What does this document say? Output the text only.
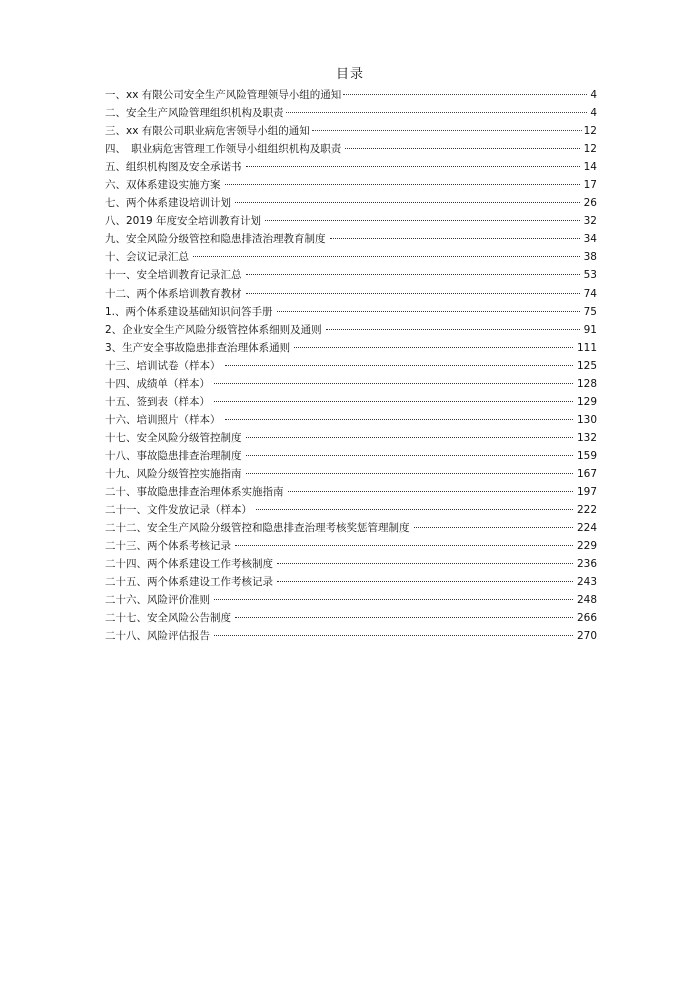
目录
一、xx 有限公司安全生产风险管理领导小组的通知	4
二、安全生产风险管理组织机构及职责	4
三、xx 有限公司职业病危害领导小组的通知	12
四、　职业病危害管理工作领导小组组织机构及职责	12
五、组织机构图及安全承诺书	14
六、双体系建设实施方案	17
七、两个体系建设培训计划	26
八、2019 年度安全培训教育计划	32
九、安全风险分级管控和隐患排渣治理教育制度	34
十、会议记录汇总	38
十一、安全培训教育记录汇总	53
十二、两个体系培训教育教材	74
1.、两个体系建设基础知识问答手册	75
2、企业安全生产风险分级管控体系细则及通则	91
3、生产安全事故隐患排查治理体系通则	111
十三、培训试卷（样本）	125
十四、成绩单（样本）	128
十五、签到表（样本）	129
十六、培训照片（样本）	130
十七、安全风险分级管控制度	132
十八、事故隐患排查治理制度	159
十九、风险分级管控实施指南	167
二十、事故隐患排查治理体系实施指南	197
二十一、文件发放记录（样本）	222
二十二、安全生产风险分级管控和隐患排查治理考核奖惩管理制度	224
二十三、两个体系考核记录	229
二十四、两个体系建设工作考核制度	236
二十五、两个体系建设工作考核记录	243
二十六、风险评价准则	248
二十七、安全风险公告制度	266
二十八、风险评估报告	270
